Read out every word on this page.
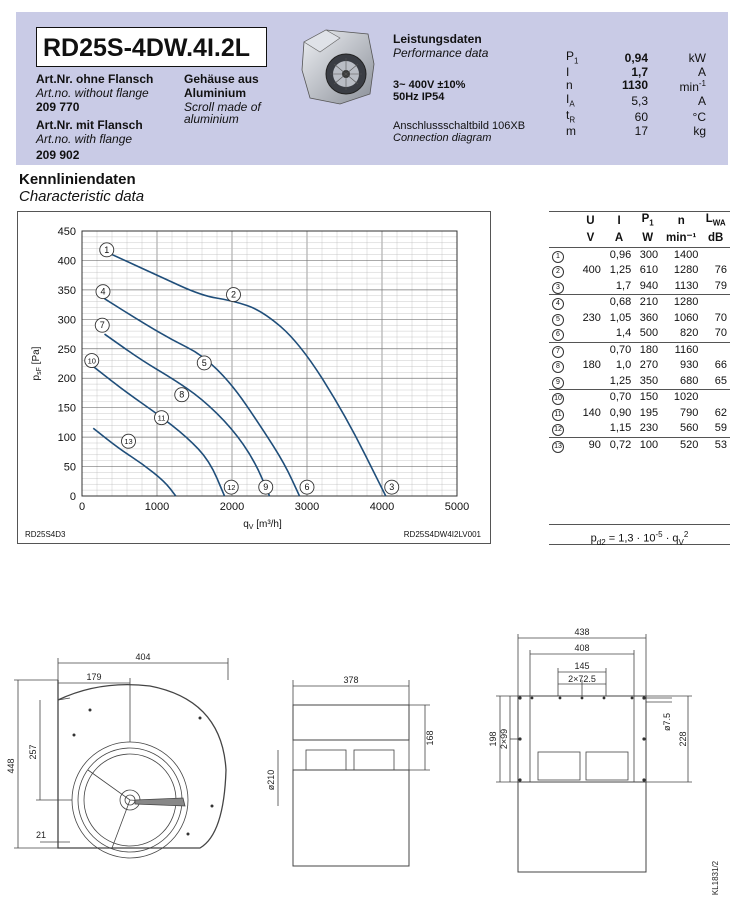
RD25S-4DW.4I.2L
Art.Nr. ohne Flansch
Art.no. without flange
209 770
Art.Nr. mit Flansch
Art.no. with flange
209 902
Gehäuse aus
Aluminium
Scroll made of
aluminium
Leistungsdaten
Performance data
3~ 400V ±10%
50Hz IP54
Anschlussschaltbild 106XB
Connection diagram
$P_1$	0,94	kW
I	1,7	A
n	1130	$\min^{-1}$
$I_A$	5,3	A
$t_R$	60	°C
m	17	kg
Kennliniendaten
Characteristic data
0	1000	2000	3000	4000	5000
0
50
100
150
200
250
300
350
400
450
$q_V$ [m³/h]
$p_{sF}$ [Pa]
1
2
3
4
5
6
7
8
9
10
11
12
13
RD25S4D3	RD25S4DW4I2LV001
	U	I	$P_1$	n	$L_{WA}$
	V	A	W	min⁻¹	dB
1		0,96	300	1400	
2	400	1,25	610	1280	76
3		1,7	940	1130	79
4		0,68	210	1280	
5	230	1,05	360	1060	70
6		1,4	500	820	70
7		0,70	180	1160	
8	180	1,0	270	930	66
9		1,25	350	680	65
10		0,70	150	1020	
11	140	0,90	195	790	62
12		1,15	230	560	59
13	90	0,72	100	520	53
$p_{d2} = 1,3 \cdot 10^{-5} \cdot q_V^2$
404
179
257
448
21
378
168
ø210
438
408
145
2×72.5
198 2×99
ø7.5
228
KL1831/2
